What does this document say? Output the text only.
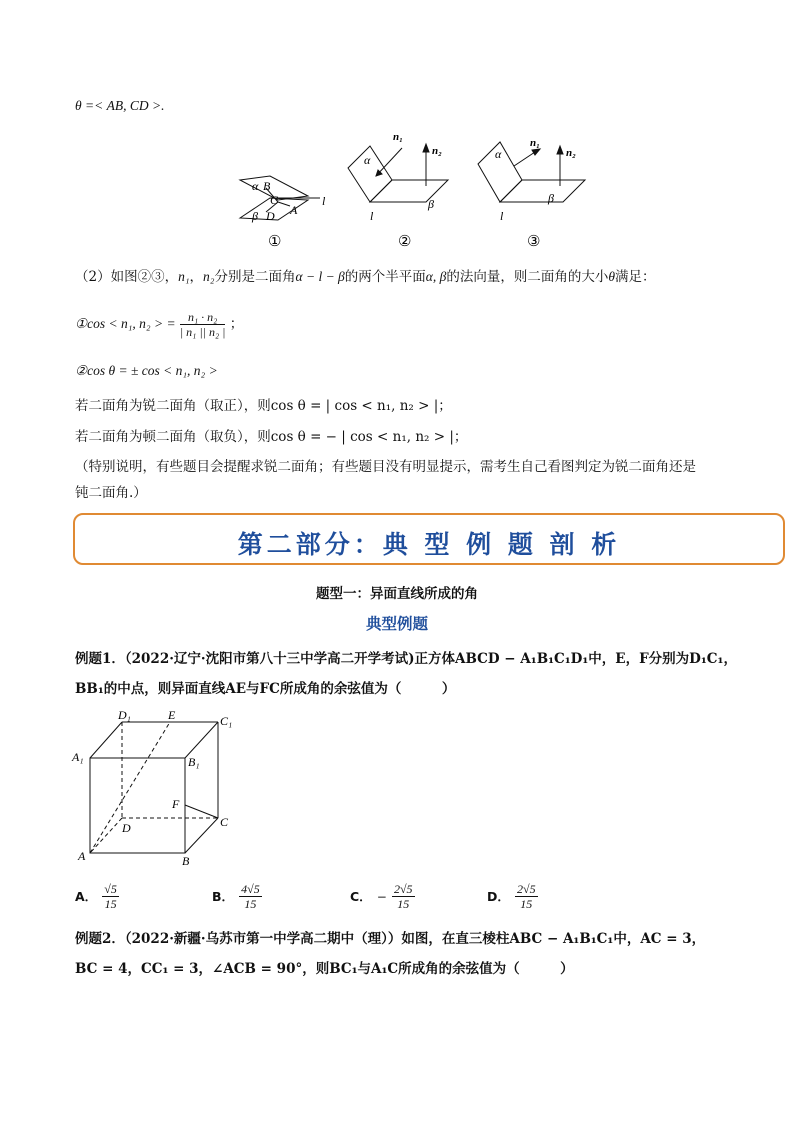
θ =< AB, CD >.
α B
C
A
l
β D
①
n₁
n₂
α
β
l
②
α
n₁
n₂
β
l
③
（2）如图②③，n₁，n₂分别是二面角α − l − β的两个半平面α, β的法向量，则二面角的大小θ满足：
①cos < n₁, n₂ > = $\frac{\text{n₁ · n₂}}{\text{| n₁ || n₂ |}}$ ；
②cos θ = ± cos < n₁, n₂ >
若二面角为锐二面角（取正），则cos θ = | cos < n₁, n₂ > |；
若二面角为顿二面角（取负），则cos θ = − | cos < n₁, n₂ > |；
（特别说明，有些题目会提醒求锐二面角；有些题目没有明显提示，需考生自己看图判定为锐二面角还是
钝二面角.）
第二部分：典 型 例 题 剖 析
题型一：异面直线所成的角
典型例题
例题1．（2022·辽宁·沈阳市第八十三中学高二开学考试)正方体ABCD − A₁B₁C₁D₁中，E，F分别为D₁C₁，
BB₁的中点，则异面直线AE与FC所成角的余弦值为（　　　）
D₁	E	C₁
A₁	B₁
F
D	C
A	B
A． $\frac{√5}{15}$	B． $\frac{4√5}{15}$	C． − $\frac{2√5}{15}$	D． $\frac{2√5}{15}$
例题2．（2022·新疆·乌苏市第一中学高二期中（理））如图，在直三棱柱ABC − A₁B₁C₁中，AC = 3，
BC = 4，CC₁ = 3，∠ACB = 90°，则BC₁与A₁C所成角的余弦值为（　　　）
